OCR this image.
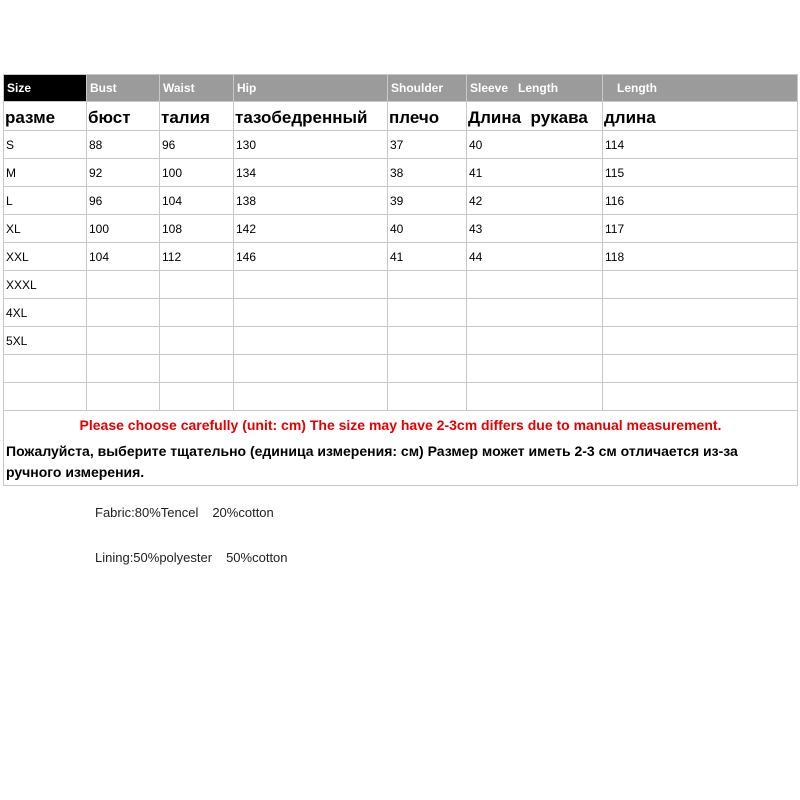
Size	Bust	Waist	Hip	Shoulder	Sleeve Length	Length
разме	бюст	талия	тазобедренный	плечо	Длина  рукава	длина
S	88	96	130	37	40	114
M	92	100	134	38	41	115
L	96	104	138	39	42	116
XL	100	108	142	40	43	117
XXL	104	112	146	41	44	118
XXXL						
4XL						
5XL						

Please choose carefully (unit: cm) The size may have 2-3cm differs due to manual measurement.
Пожалуйста, выберите тщательно (единица измерения: см) Размер может иметь 2-3 см отличается из-за ручного измерения.						
Fabric:80%Tencel 20%cotton
Lining:50%polyester 50%cotton
